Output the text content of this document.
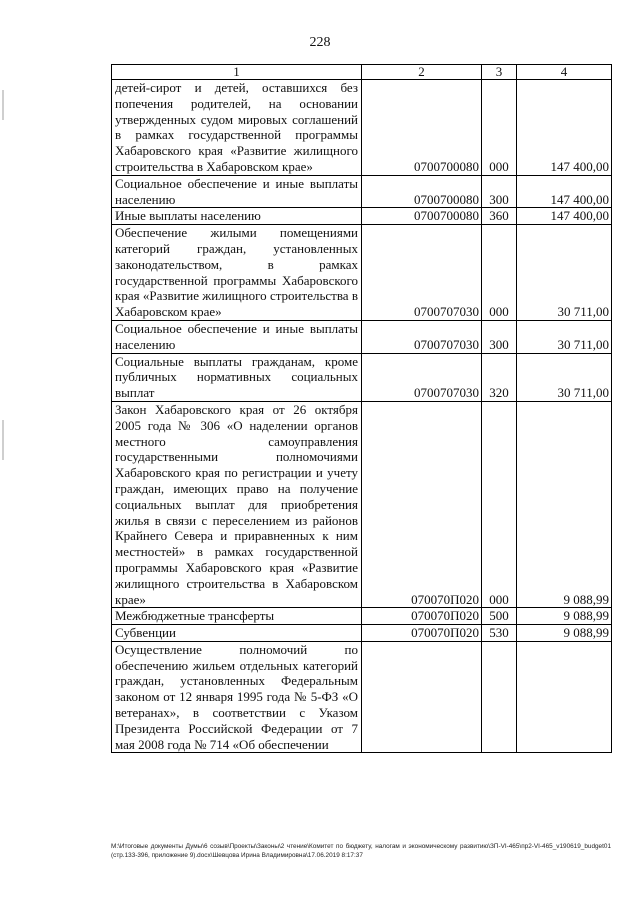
228
1	2	3	4
детей-сирот и детей, оставшихся без попечения родителей, на основании утвержденных судом мировых соглашений в рамках государственной программы Хабаровского края «Развитие жилищного строительства в Хабаровском крае»	0700700080	000	147 400,00
Социальное обеспечение и иные выплаты населению	0700700080	300	147 400,00
Иные выплаты населению	0700700080	360	147 400,00
Обеспечение жилыми помещениями категорий граждан, установленных законодательством, в рамках государственной программы Хабаровского края «Развитие жилищного строительства в Хабаровском крае»	0700707030	000	30 711,00
Социальное обеспечение и иные выплаты населению	0700707030	300	30 711,00
Социальные выплаты гражданам, кроме публичных нормативных социальных выплат	0700707030	320	30 711,00
Закон Хабаровского края от 26 октября 2005 года № 306 «О наделении органов местного самоуправления государственными полномочиями Хабаровского края по регистрации и учету граждан, имеющих право на получение социальных выплат для приобретения жилья в связи с переселением из районов Крайнего Севера и приравненных к ним местностей» в рамках государственной программы Хабаровского края «Развитие жилищного строительства в Хабаровском крае»	070070П020	000	9 088,99
Межбюджетные трансферты	070070П020	500	9 088,99
Субвенции	070070П020	530	9 088,99
Осуществление полномочий по обеспечению жильем отдельных категорий граждан, установленных Федеральным законом от 12 января 1995 года № 5-ФЗ «О ветеранах», в соответствии с Указом Президента Российской Федерации от 7 мая 2008 года № 714 «Об обеспечении			
М:\Итоговые документы Думы\6 созыв\Проекты\Законы\2 чтение\Комитет по бюджету, налогам и экономическому развитию\ЗП-VI-465\пр2-VI-465_v190619_budget01 (стр.133-396, приложение 9).docx\Шевцова Ирина Владимировна\17.06.2019 8:17:37
